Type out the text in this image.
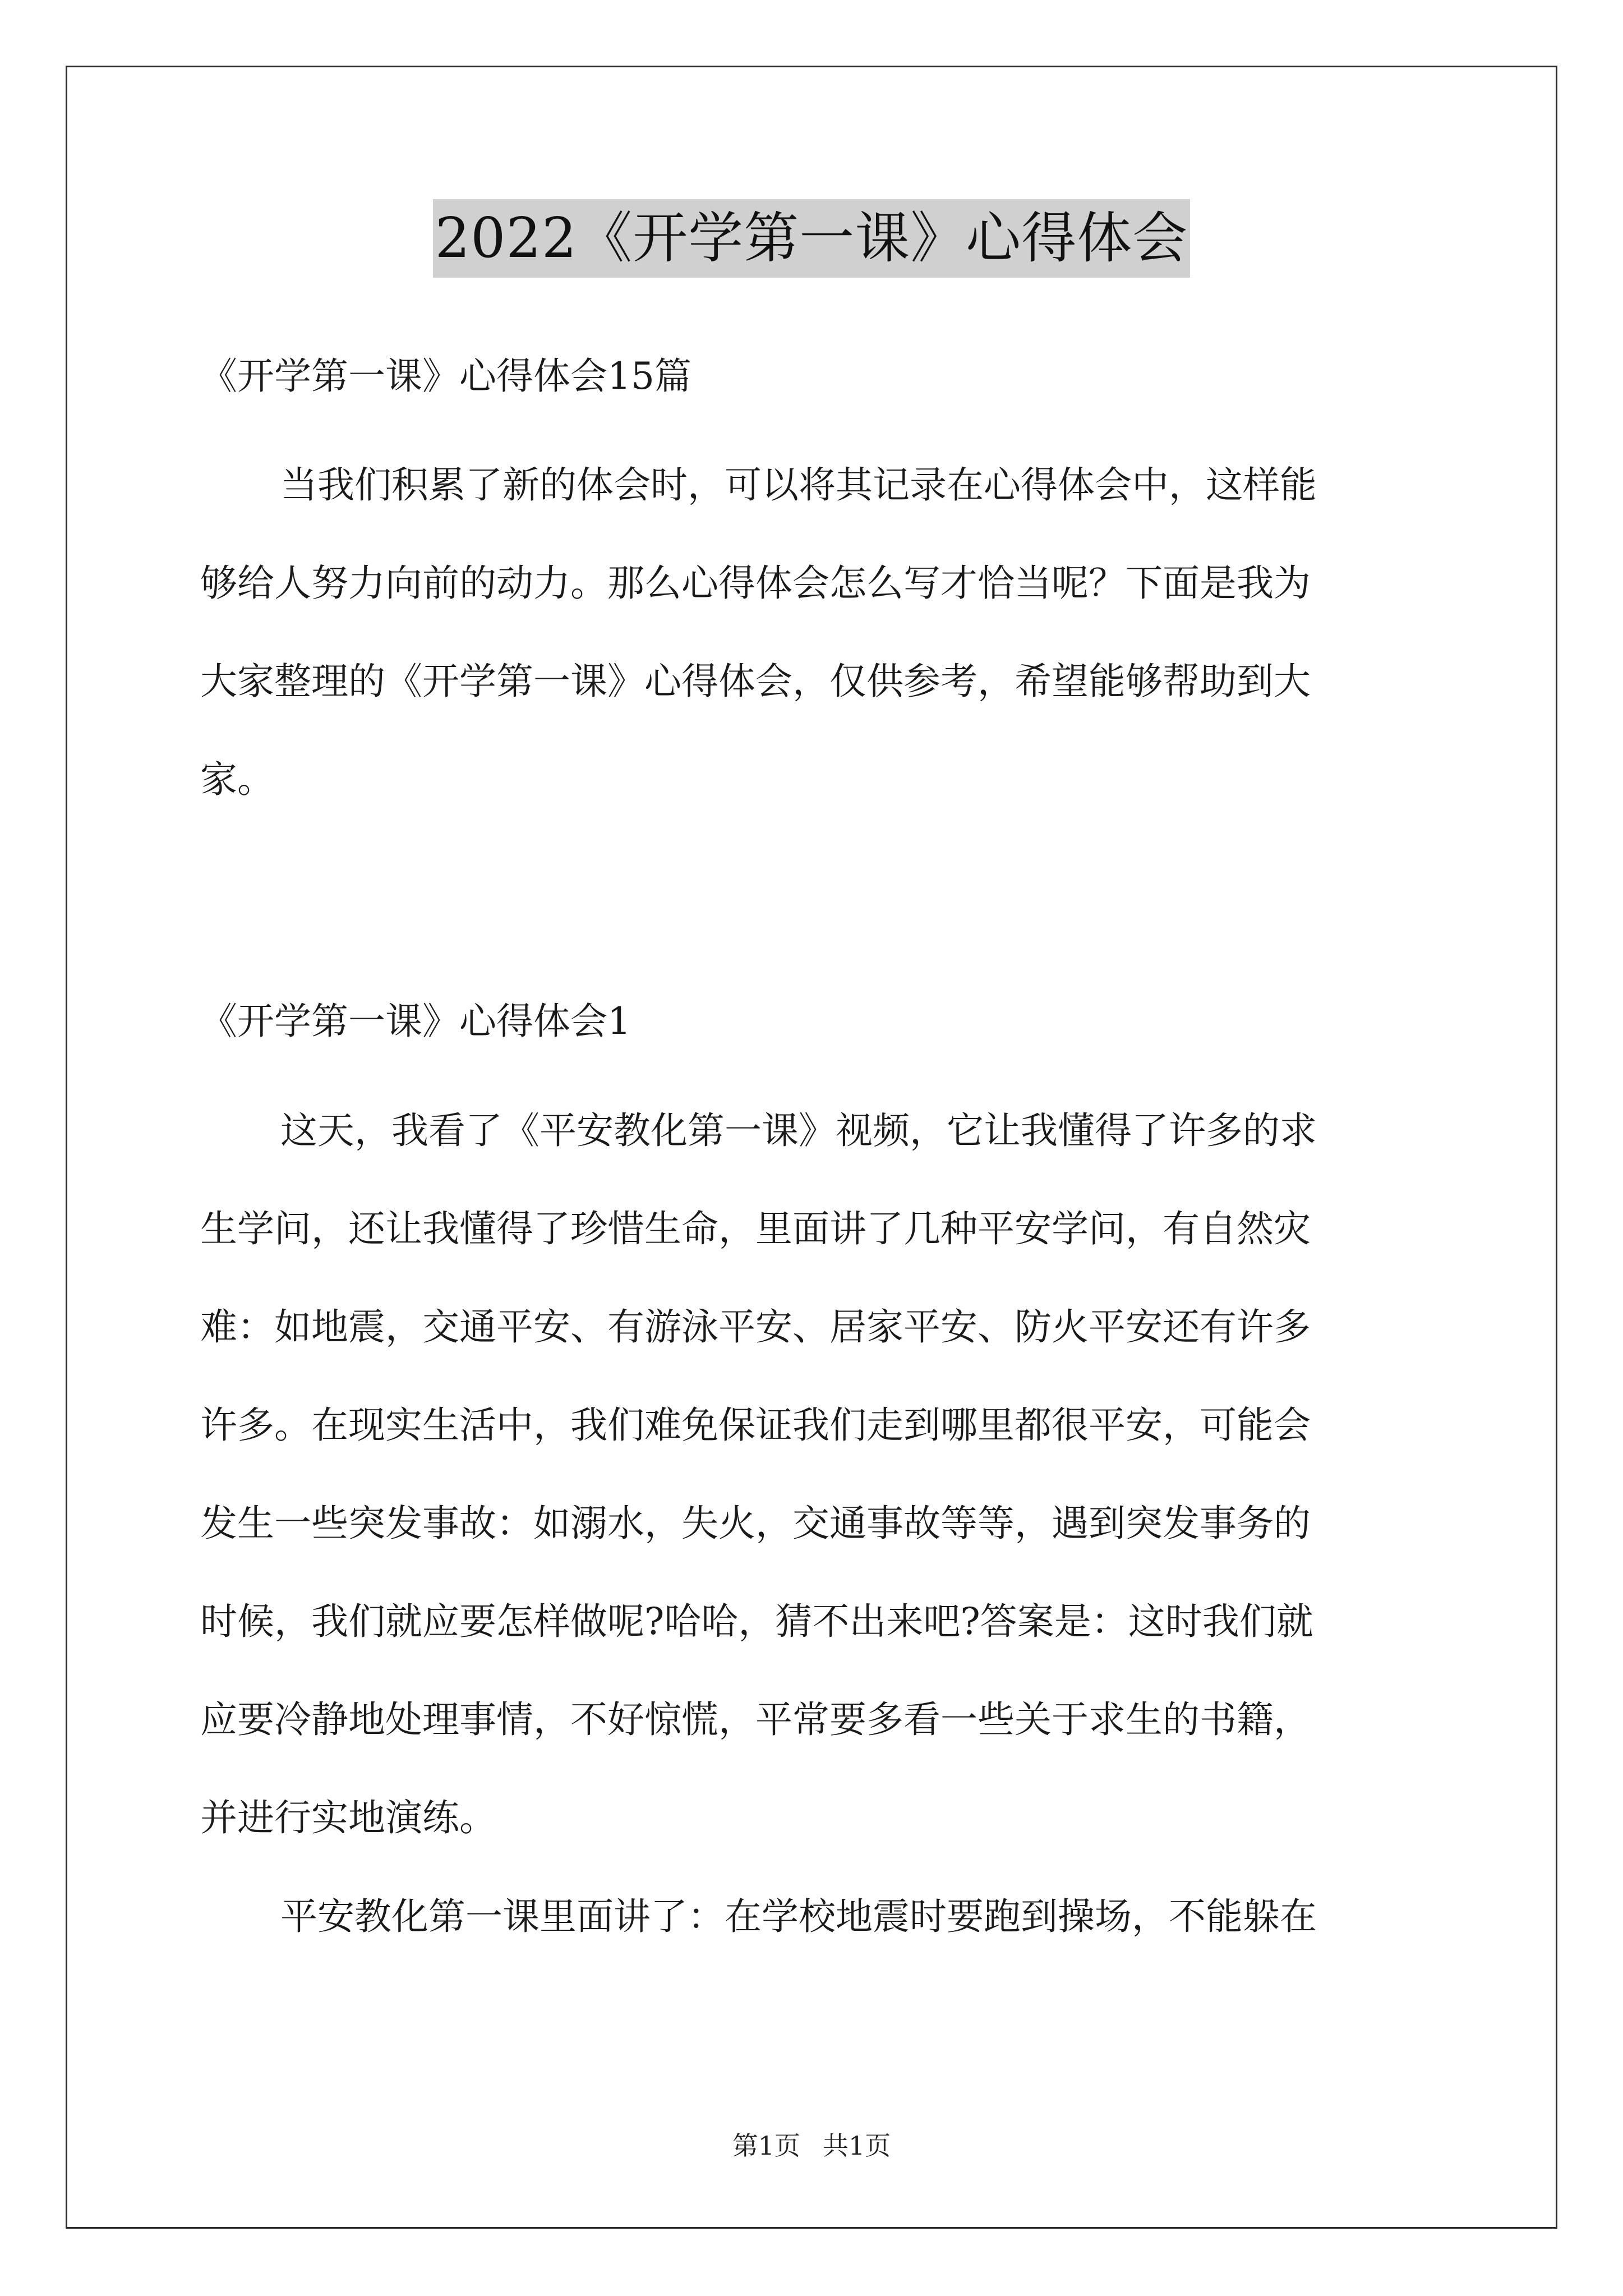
2022《开学第一课》心得体会
《开学第一课》心得体会15篇
当我们积累了新的体会时，可以将其记录在心得体会中，这样能
够给人努力向前的动力。那么心得体会怎么写才恰当呢？下面是我为
大家整理的《开学第一课》心得体会，仅供参考，希望能够帮助到大
家。
《开学第一课》心得体会1
这天，我看了《平安教化第一课》视频，它让我懂得了许多的求
生学问，还让我懂得了珍惜生命，里面讲了几种平安学问，有自然灾
难：如地震，交通平安、有游泳平安、居家平安、防火平安还有许多
许多。在现实生活中，我们难免保证我们走到哪里都很平安，可能会
发生一些突发事故：如溺水，失火，交通事故等等，遇到突发事务的
时候，我们就应要怎样做呢?哈哈，猜不出来吧?答案是：这时我们就
应要冷静地处理事情，不好惊慌，平常要多看一些关于求生的书籍，
并进行实地演练。
平安教化第一课里面讲了：在学校地震时要跑到操场，不能躲在
第1页 共1页
